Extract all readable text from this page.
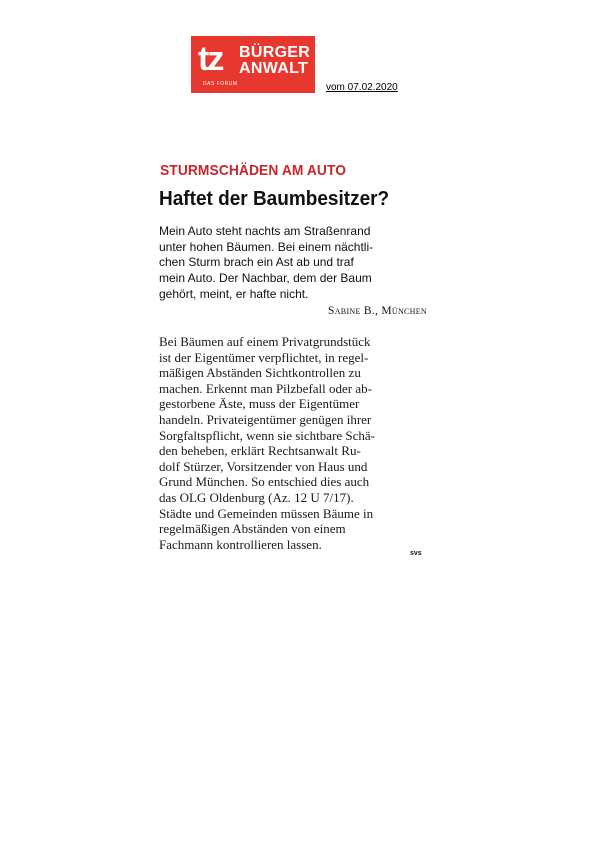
tz BÜRGER
ANWALT
DAS FORUM	vom 07.02.2020
STURMSCHÄDEN AM AUTO
Haftet der Baumbesitzer?
Mein Auto steht nachts am Straßenrand
unter hohen Bäumen. Bei einem nächtli-
chen Sturm brach ein Ast ab und traf
mein Auto. Der Nachbar, dem der Baum
gehört, meint, er hafte nicht.
Sabine B., München
Bei Bäumen auf einem Privatgrundstück
ist der Eigentümer verpflichtet, in regel-
mäßigen Abständen Sichtkontrollen zu
machen. Erkennt man Pilzbefall oder ab-
gestorbene Äste, muss der Eigentümer
handeln. Privateigentümer genügen ihrer
Sorgfaltspflicht, wenn sie sichtbare Schä-
den beheben, erklärt Rechtsanwalt Ru-
dolf Stürzer, Vorsitzender von Haus und
Grund München. So entschied dies auch
das OLG Oldenburg (Az. 12 U 7/17).
Städte und Gemeinden müssen Bäume in
regelmäßigen Abständen von einem
Fachmann kontrollieren lassen.
svs
